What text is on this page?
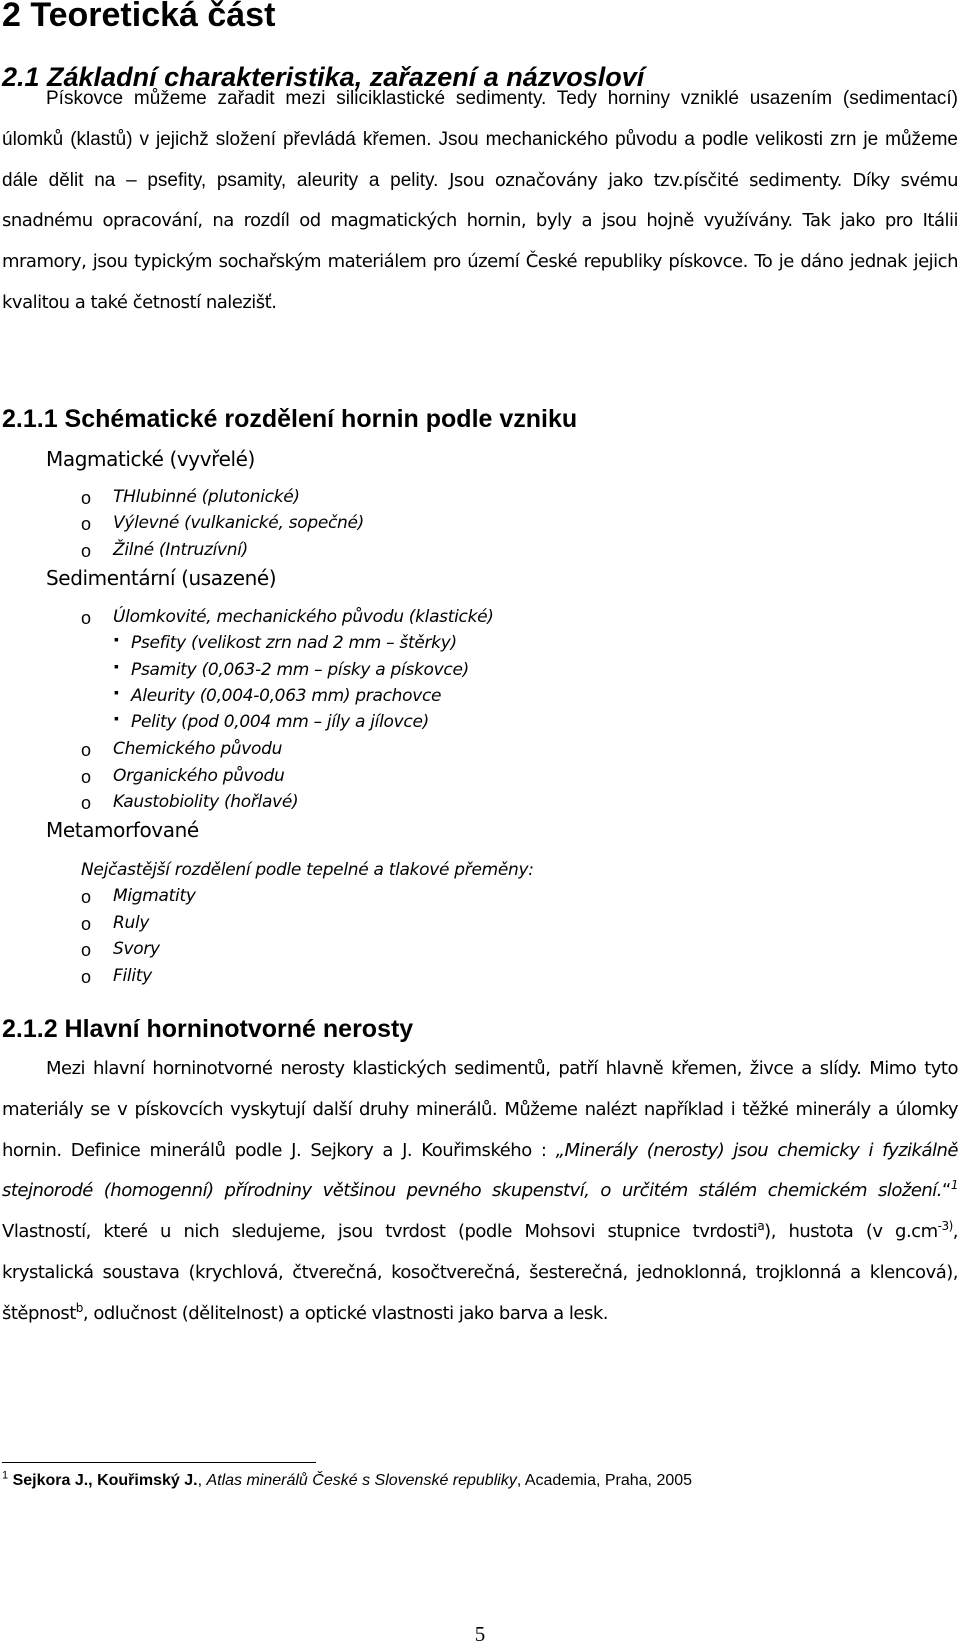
2 Teoretická část
2.1 Základní charakteristika, zařazení a názvosloví

Pískovce můžeme zařadit mezi siliciklastické sedimenty. Tedy horniny vzniklé usazením (sedimentací) úlomků (klastů) v jejichž složení převládá křemen. Jsou mechanického původu a podle velikosti zrn je můžeme dále dělit na – psefity, psamity, aleurity a pelity. Jsou označovány jako tzv.písčité sedimenty. Díky svému snadnému opracování, na rozdíl od magmatických hornin, byly a jsou hojně využívány. Tak jako pro Itálii mramory, jsou typickým sochařským materiálem pro území České republiky pískovce. To je dáno jednak jejich kvalitou a také četností nalezišť.

2.1.1 Schématické rozdělení hornin podle vzniku

Magmatické (vyvřelé)

o THlubinné (plutonické)

o Výlevné (vulkanické, sopečné)

o Žilné (Intruzívní)

Sedimentární (usazené)

o Úlomkovité, mechanického původu (klastické)

▪ Psefity (velikost zrn nad 2 mm – štěrky)

▪ Psamity (0,063-2 mm – písky a pískovce)

▪ Aleurity (0,004-0,063 mm) prachovce

▪ Pelity (pod 0,004 mm – jíly a jílovce)

o Chemického původu

o Organického původu

o Kaustobiolity (hořlavé)

Metamorfované

Nejčastější rozdělení podle tepelné a tlakové přeměny:

o Migmatity

o Ruly

o Svory

o Fility

2.1.2 Hlavní horninotvorné nerosty

Mezi hlavní horninotvorné nerosty klastických sedimentů, patří hlavně křemen, živce a slídy. Mimo tyto materiály se v pískovcích vyskytují další druhy minerálů. Můžeme nalézt například i těžké minerály a úlomky hornin. Definice minerálů podle J. Sejkory a J. Kouřimského : „Minerály (nerosty) jsou chemicky i fyzikálně stejnorodé (homogenní) přírodniny většinou pevného skupenství, o určitém stálém chemickém složení.“$^1$ Vlastností, které u nich sledujeme, jsou tvrdost (podle Mohsovi stupnice tvrdosti$^a$), hustota (v $g.cm^{-3)}$, krystalická soustava (krychlová, čtverečná, kosočtverečná, šesterečná, jednoklonná, trojklonná a klencová), štěpnost$^b$, odlučnost (dělitelnost) a optické vlastnosti jako barva a lesk.

$^1$ Sejkora J., Kouřimský J., Atlas minerálů České s Slovenské republiky, Academia, Praha, 2005

5
